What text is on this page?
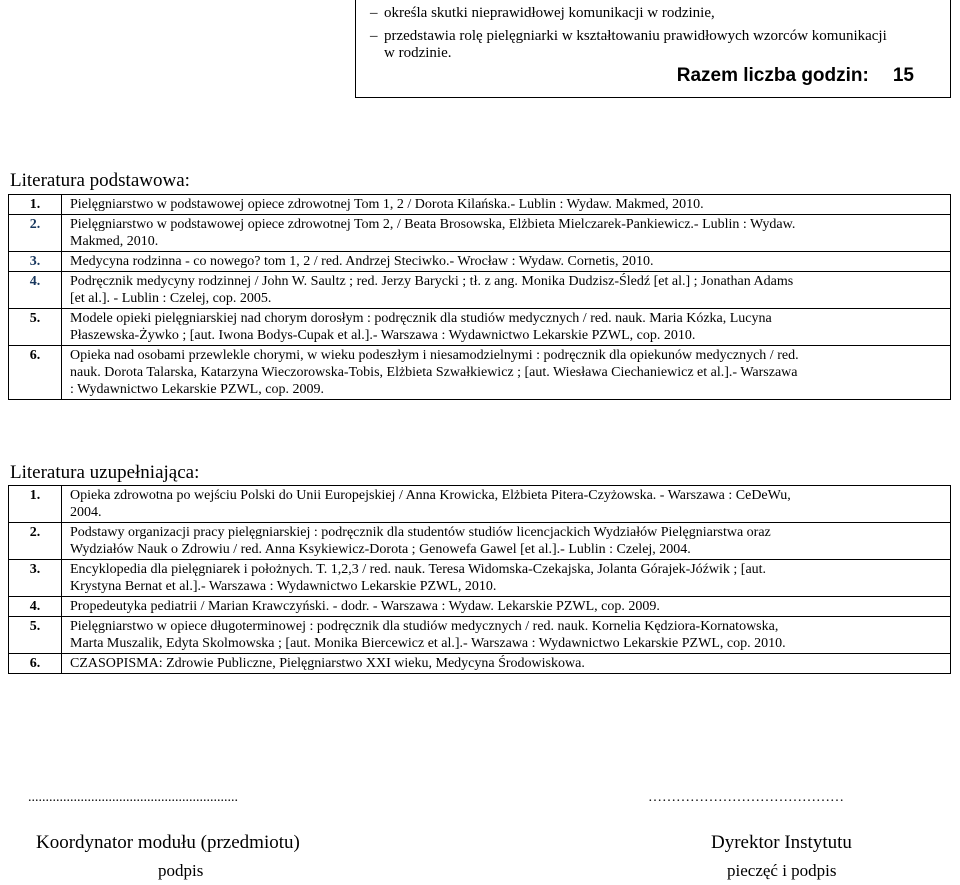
– określa skutki nieprawidłowej komunikacji w rodzinie,
– przedstawia rolę pielęgniarki w kształtowaniu prawidłowych wzorców komunikacji
w rodzinie.
Razem liczba godzin: 15
Literatura podstawowa:
1.	Pielęgniarstwo w podstawowej opiece zdrowotnej Tom 1, 2 / Dorota Kilańska.- Lublin : Wydaw. Makmed, 2010.

2.	Pielęgniarstwo w podstawowej opiece zdrowotnej Tom 2, / Beata Brosowska, Elżbieta Mielczarek-Pankiewicz.- Lublin : Wydaw.
Makmed, 2010.

3.	Medycyna rodzinna - co nowego? tom 1, 2 / red. Andrzej Steciwko.- Wrocław : Wydaw. Cornetis, 2010.

4.	Podręcznik medycyny rodzinnej / John W. Saultz ; red. Jerzy Barycki ; tł. z ang. Monika Dudzisz-Śledź [et al.] ; Jonathan Adams
[et al.]. - Lublin : Czelej, cop. 2005.

5.	Modele opieki pielęgniarskiej nad chorym dorosłym : podręcznik dla studiów medycznych / red. nauk. Maria Kózka, Lucyna
Płaszewska-Żywko ; [aut. Iwona Bodys-Cupak et al.].- Warszawa : Wydawnictwo Lekarskie PZWL, cop. 2010.

6.	Opieka nad osobami przewlekle chorymi, w wieku podeszłym i niesamodzielnymi : podręcznik dla opiekunów medycznych / red.
nauk. Dorota Talarska, Katarzyna Wieczorowska-Tobis, Elżbieta Szwałkiewicz ; [aut. Wiesława Ciechaniewicz et al.].- Warszawa
: Wydawnictwo Lekarskie PZWL, cop. 2009.
Literatura uzupełniająca:
1.	Opieka zdrowotna po wejściu Polski do Unii Europejskiej / Anna Krowicka, Elżbieta Pitera-Czyżowska. - Warszawa : CeDeWu,
2004.

2.	Podstawy organizacji pracy pielęgniarskiej : podręcznik dla studentów studiów licencjackich Wydziałów Pielęgniarstwa oraz
Wydziałów Nauk o Zdrowiu / red. Anna Ksykiewicz-Dorota ; Genowefa Gawel [et al.].- Lublin : Czelej, 2004.

3.	Encyklopedia dla pielęgniarek i położnych. T. 1,2,3 / red. nauk. Teresa Widomska-Czekajska, Jolanta Górajek-Jóźwik ; [aut.
Krystyna Bernat et al.].- Warszawa : Wydawnictwo Lekarskie PZWL, 2010.

4.	Propedeutyka pediatrii / Marian Krawczyński. - dodr. - Warszawa : Wydaw. Lekarskie PZWL, cop. 2009.

5.	Pielęgniarstwo w opiece długoterminowej : podręcznik dla studiów medycznych / red. nauk. Kornelia Kędziora-Kornatowska,
Marta Muszalik, Edyta Skolmowska ; [aut. Monika Biercewicz et al.].- Warszawa : Wydawnictwo Lekarskie PZWL, cop. 2010.

6.	CZASOPISMA: Zdrowie Publiczne, Pielęgniarstwo XXI wieku, Medycyna Środowiskowa.
............................................................
Koordynator modułu (przedmiotu)
podpis
……………………………………
Dyrektor Instytutu
pieczęć i podpis
